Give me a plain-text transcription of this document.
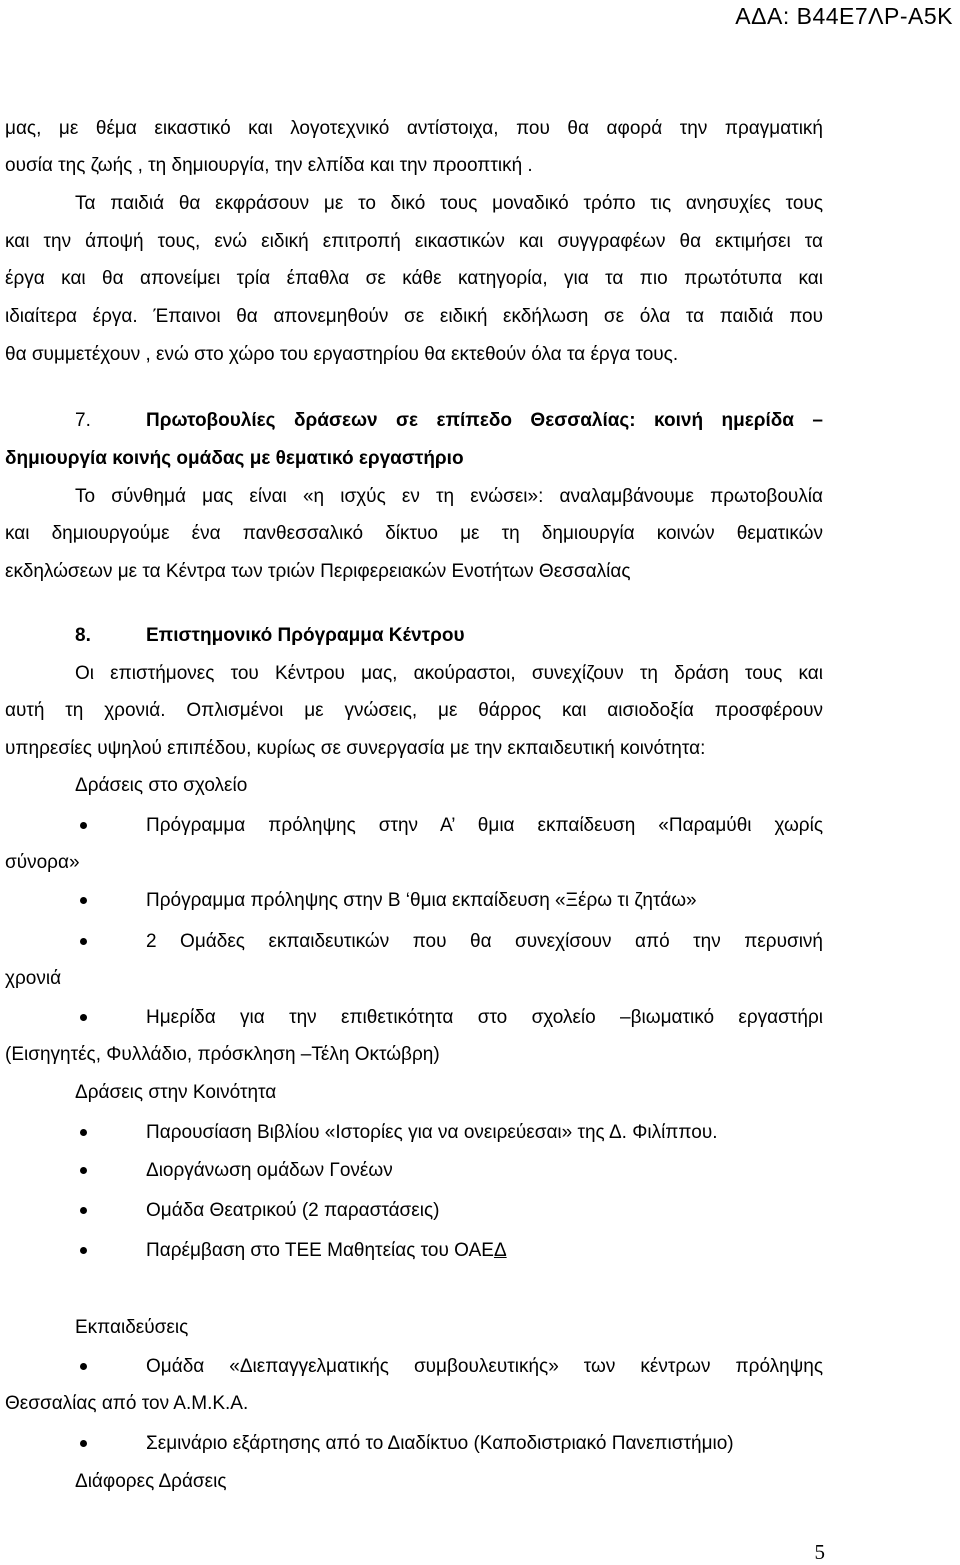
ΑΔΑ: Β44Ε7ΛΡ-Α5Κ
μας, με θέμα εικαστικό και λογοτεχνικό αντίστοιχα, που θα αφορά την πραγματική
ουσία της ζωής , τη δημιουργία, την ελπίδα και την προοπτική .
Τα παιδιά θα εκφράσουν με το δικό τους μοναδικό τρόπο τις ανησυχίες τους
και την άποψή τους, ενώ ειδική επιτροπή εικαστικών και συγγραφέων θα εκτιμήσει τα
έργα και θα απονείμει τρία έπαθλα σε κάθε κατηγορία, για τα πιο πρωτότυπα και
ιδιαίτερα έργα. Έπαινοι θα απονεμηθούν σε ειδική εκδήλωση σε όλα τα παιδιά που
θα συμμετέχουν , ενώ στο χώρο του εργαστηρίου θα εκτεθούν όλα τα έργα τους.
7.	Πρωτοβουλίες δράσεων σε επίπεδο Θεσσαλίας: κοινή ημερίδα –
δημιουργία κοινής ομάδας με θεματικό εργαστήριο
Το σύνθημά μας είναι «η ισχύς εν τη ενώσει»: αναλαμβάνουμε πρωτοβουλία
και δημιουργούμε ένα πανθεσσαλικό δίκτυο με τη δημιουργία κοινών θεματικών
εκδηλώσεων με τα Κέντρα των τριών Περιφερειακών Ενοτήτων Θεσσαλίας
8.	Επιστημονικό Πρόγραμμα Κέντρου
Οι επιστήμονες του Κέντρου μας, ακούραστοι, συνεχίζουν τη δράση τους και
αυτή τη χρονιά. Οπλισμένοι με γνώσεις, με θάρρος και αισιοδοξία προσφέρουν
υπηρεσίες υψηλού επιπέδου, κυρίως σε συνεργασία με την εκπαιδευτική κοινότητα:
Δράσεις στο σχολείο
Πρόγραμμα πρόληψης στην Α’ θμια εκπαίδευση «Παραμύθι χωρίς
σύνορα»
Πρόγραμμα πρόληψης στην Β ‘θμια εκπαίδευση «Ξέρω τι ζητάω»
2 Ομάδες εκπαιδευτικών που θα συνεχίσουν από την περυσινή
χρονιά
Ημερίδα για την επιθετικότητα στο σχολείο –βιωματικό εργαστήρι
(Εισηγητές, Φυλλάδιο, πρόσκληση –Τέλη Οκτώβρη)
Δράσεις στην Κοινότητα
Παρουσίαση Βιβλίου «Ιστορίες για να ονειρεύεσαι» της Δ. Φιλίππου.
Διοργάνωση ομάδων Γονέων
Ομάδα Θεατρικού (2 παραστάσεις)
Παρέμβαση στο ΤΕΕ Μαθητείας του ΟΑΕΔ
Εκπαιδεύσεις
Ομάδα «Διεπαγγελματικής συμβουλευτικής» των κέντρων πρόληψης
Θεσσαλίας από τον Α.Μ.Κ.Α.
Σεμινάριο εξάρτησης από το Διαδίκτυο (Καποδιστριακό Πανεπιστήμιο)
Διάφορες Δράσεις
5
